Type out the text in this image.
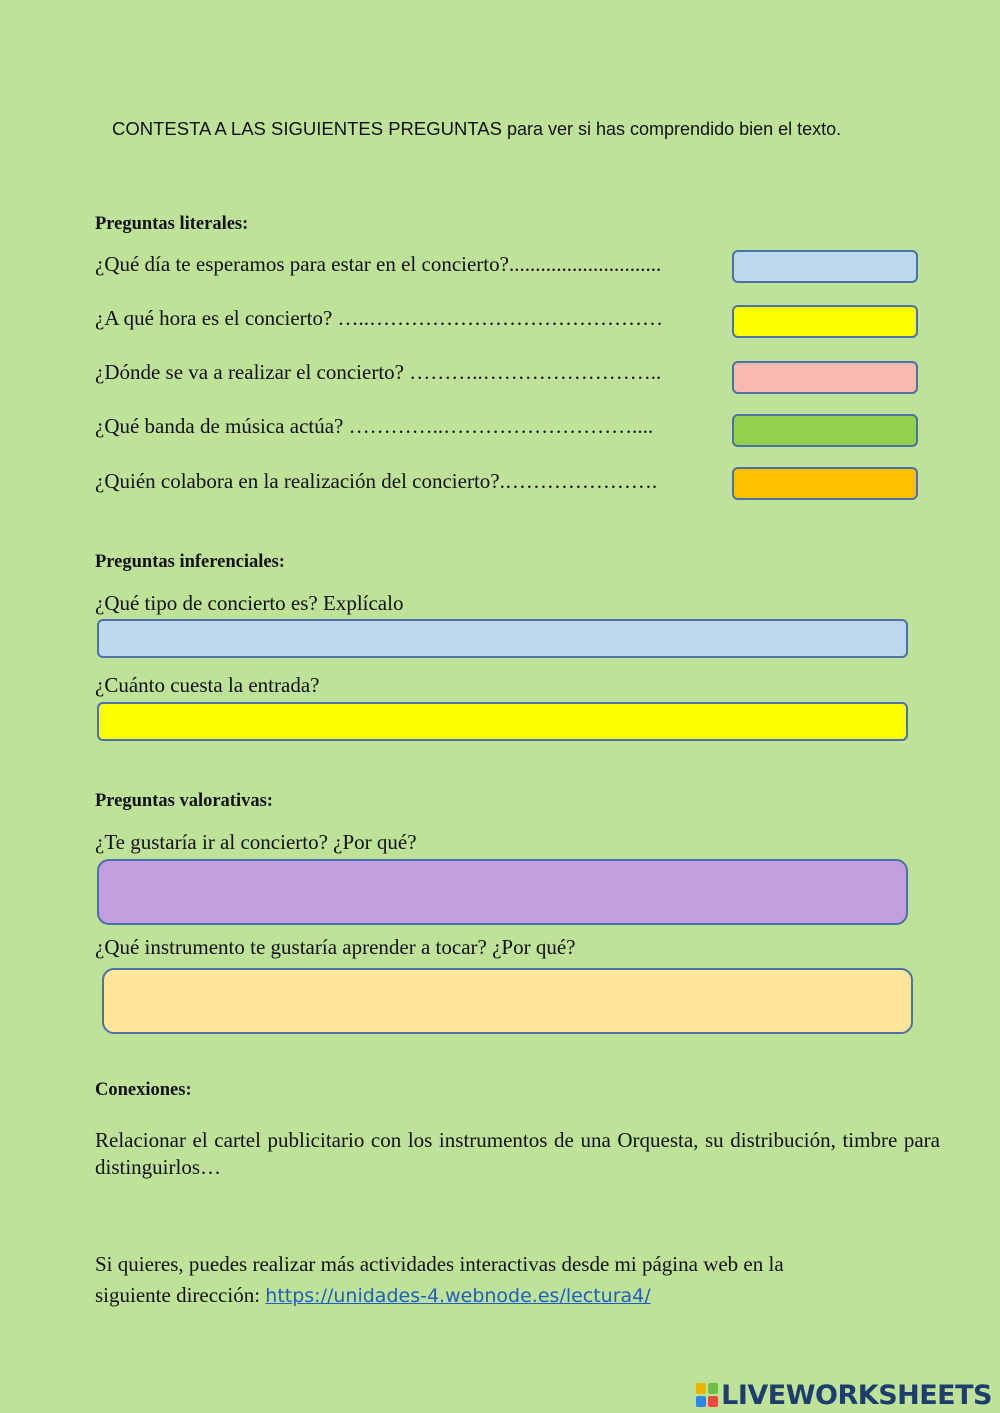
CONTESTA A LAS SIGUIENTES PREGUNTAS para ver si has comprendido bien el texto.
Preguntas literales:
¿Qué día te esperamos para estar en el concierto?.............................
¿A qué hora es el concierto? …..……………………………………
¿Dónde se va a realizar el concierto? ………..……………………..
¿Qué banda de música actúa? …………..………………………....
¿Quién colabora en la realización del concierto?.………………….
Preguntas inferenciales:
¿Qué tipo de concierto es? Explícalo
¿Cuánto cuesta la entrada?
Preguntas valorativas:
¿Te gustaría ir al concierto? ¿Por qué?
¿Qué instrumento te gustaría aprender a tocar? ¿Por qué?
Conexiones:
Relacionar el cartel publicitario con los instrumentos de una Orquesta, su distribución, timbre para distinguirlos…
Si quieres, puedes realizar más actividades interactivas desde mi página web en la
siguiente dirección: https://unidades-4.webnode.es/lectura4/
LIVEWORKSHEETS
